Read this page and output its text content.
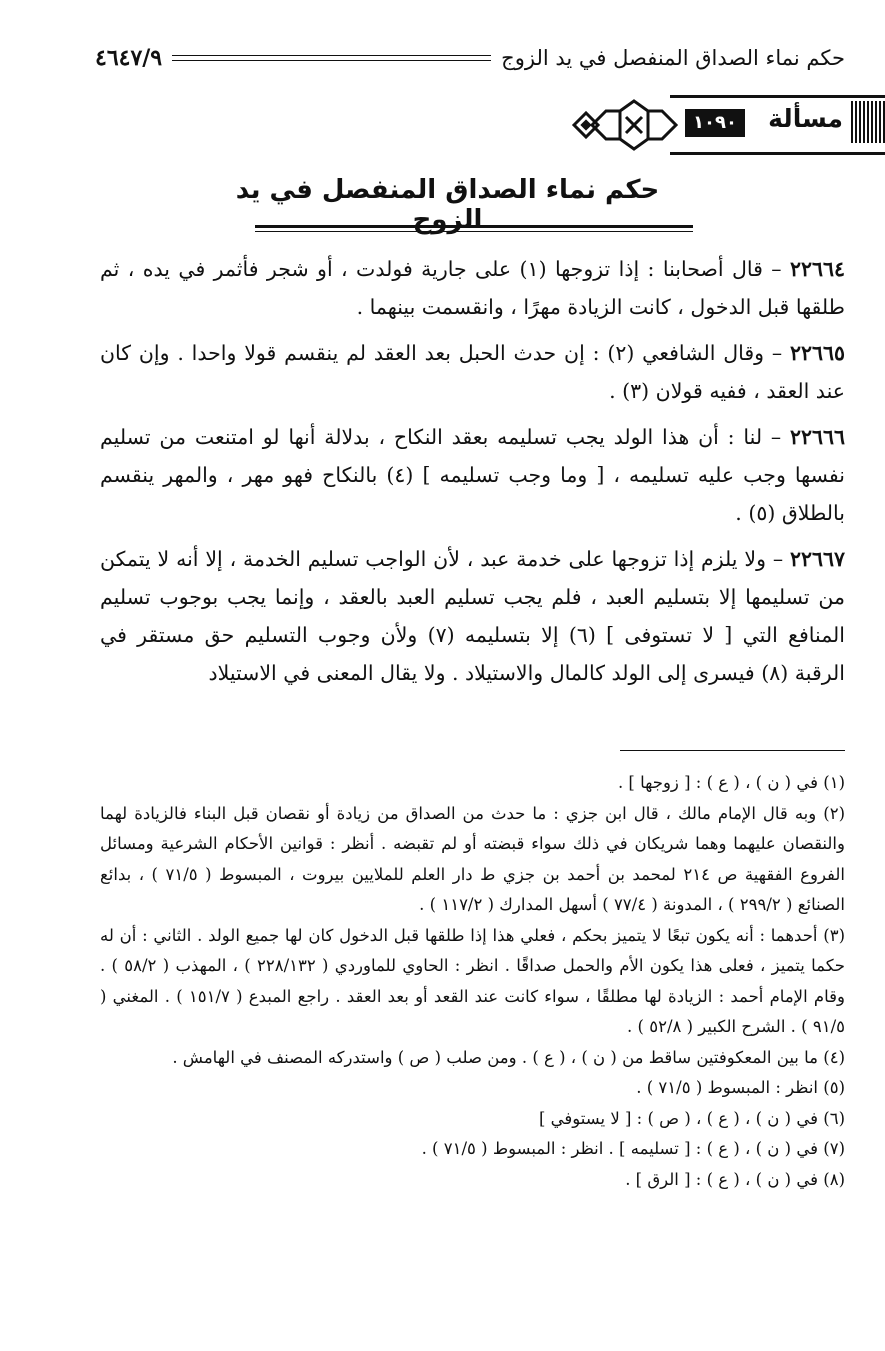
حكم نماء الصداق المنفصل في يد الزوج
٤٦٤٧/٩
مسألة
١٠٩٠
حكم نماء الصداق المنفصل في يد الزوج

٢٢٦٦٤ – قال أصحابنا : إذا تزوجها (١) على جارية فولدت ، أو شجر فأثمر في يده ، ثم طلقها قبل الدخول ، كانت الزيادة مهرًا ، وانقسمت بينهما .

٢٢٦٦٥ – وقال الشافعي (٢) : إن حدث الحبل بعد العقد لم ينقسم قولا واحدا . وإن كان عند العقد ، ففيه قولان (٣) .

٢٢٦٦٦ – لنا : أن هذا الولد يجب تسليمه بعقد النكاح ، بدلالة أنها لو امتنعت من تسليم نفسها وجب عليه تسليمه ، [ وما وجب تسليمه ] (٤) بالنكاح فهو مهر ، والمهر ينقسم بالطلاق (٥) .

٢٢٦٦٧ – ولا يلزم إذا تزوجها على خدمة عبد ، لأن الواجب تسليم الخدمة ، إلا أنه لا يتمكن من تسليمها إلا بتسليم العبد ، فلم يجب تسليم العبد بالعقد ، وإنما يجب بوجوب تسليم المنافع التي [ لا تستوفى ] (٦) إلا بتسليمه (٧) ولأن وجوب التسليم حق مستقر في الرقبة (٨) فيسرى إلى الولد كالمال والاستيلاد . ولا يقال المعنى في الاستيلاد

(١) في ( ن ) ، ( ع ) : [ زوجها ] .

(٢) وبه قال الإمام مالك ، قال ابن جزي : ما حدث من الصداق من زيادة أو نقصان قبل البناء فالزيادة لهما والنقصان عليهما وهما شريكان في ذلك سواء قبضته أو لم تقبضه . أنظر : قوانين الأحكام الشرعية ومسائل الفروع الفقهية ص ٢١٤ لمحمد بن أحمد بن جزي ط دار العلم للملايين بيروت ، المبسوط ( ٧١/٥ ) ، بدائع الصنائع ( ٢٩٩/٢ ) ، المدونة ( ٧٧/٤ ) أسهل المدارك ( ١١٧/٢ ) .

(٣) أحدهما : أنه يكون تبعًا لا يتميز بحكم ، فعلي هذا إذا طلقها قبل الدخول كان لها جميع الولد . الثاني : أن له حكما يتميز ، فعلى هذا يكون الأم والحمل صداقًا . انظر : الحاوي للماوردي ( ٢٢٨/١٣٢ ) ، المهذب ( ٥٨/٢ ) . وقام الإمام أحمد : الزيادة لها مطلقًا ، سواء كانت عند القعد أو بعد العقد . راجع المبدع ( ١٥١/٧ ) . المغني ( ٩١/٥ ) . الشرح الكبير ( ٥٢/٨ ) .

(٤) ما بين المعكوفتين ساقط من ( ن ) ، ( ع ) . ومن صلب ( ص ) واستدركه المصنف في الهامش .

(٥) انظر : المبسوط ( ٧١/٥ ) .

(٦) في ( ن ) ، ( ع ) ، ( ص ) : [ لا يستوفي ]

(٧) في ( ن ) ، ( ع ) : [ تسليمه ] . انظر : المبسوط ( ٧١/٥ ) .

(٨) في ( ن ) ، ( ع ) : [ الرق ] .
